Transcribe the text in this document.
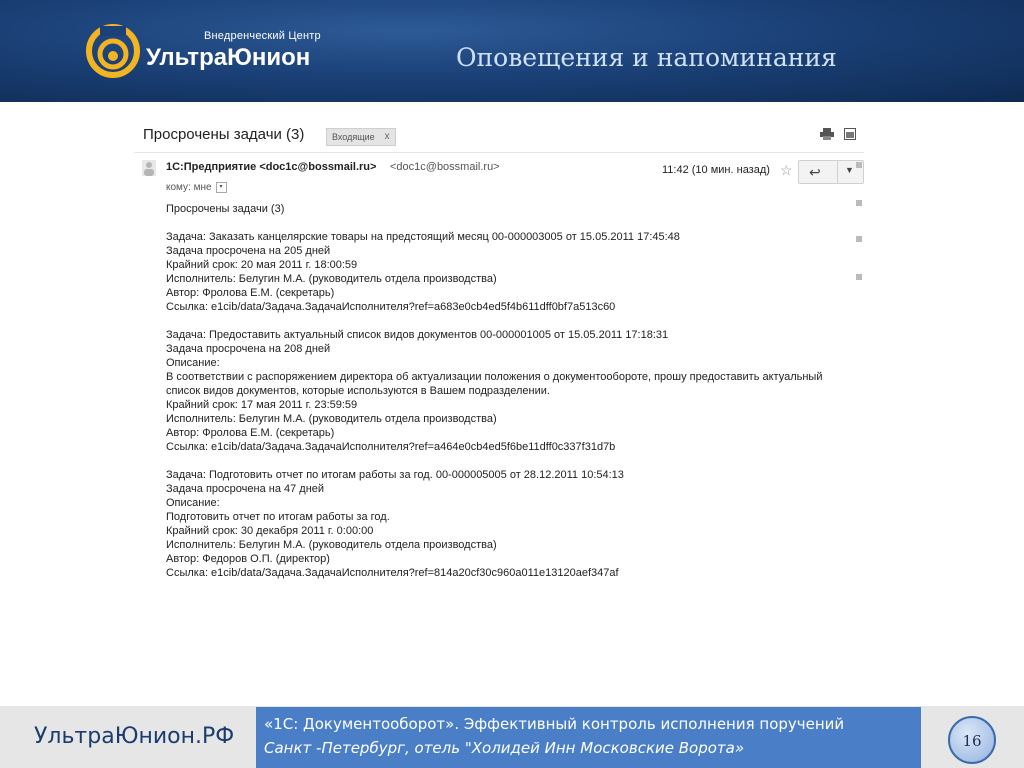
Внедренческий Центр
УльтраЮнион	Оповещения и напоминания
Просрочены задачи (3)	Входящие x
1С:Предприятие <doc1c@bossmail.ru> <doc1c@bossmail.ru>	11:42 (10 мин. назад) ☆ ↩	▼
кому: мне	▾
Просрочены задачи (3)
Задача: Заказать канцелярские товары на предстоящий месяц 00-000003005 от 15.05.2011 17:45:48
Задача просрочена на 205 дней
Крайний срок: 20 мая 2011 г. 18:00:59
Исполнитель: Белугин М.А. (руководитель отдела производства)
Автор: Фролова Е.М. (секретарь)
Ссылка: e1cib/data/Задача.ЗадачаИсполнителя?ref=a683e0cb4ed5f4b611dff0bf7a513c60
Задача: Предоставить актуальный список видов документов 00-000001005 от 15.05.2011 17:18:31
Задача просрочена на 208 дней
Описание:
В соответствии с распоряжением директора об актуализации положения о документообороте, прошу предоставить актуальный
список видов документов, которые используются в Вашем подразделении.
Крайний срок: 17 мая 2011 г. 23:59:59
Исполнитель: Белугин М.А. (руководитель отдела производства)
Автор: Фролова Е.М. (секретарь)
Ссылка: e1cib/data/Задача.ЗадачаИсполнителя?ref=a464e0cb4ed5f6be11dff0c337f31d7b
Задача: Подготовить отчет по итогам работы за год. 00-000005005 от 28.12.2011 10:54:13
Задача просрочена на 47 дней
Описание:
Подготовить отчет по итогам работы за год.
Крайний срок: 30 декабря 2011 г. 0:00:00
Исполнитель: Белугин М.А. (руководитель отдела производства)
Автор: Федоров О.П. (директор)
Ссылка: e1cib/data/Задача.ЗадачаИсполнителя?ref=814a20cf30c960a011e13120aef347af
УльтраЮнион.РФ «1С: Документооборот». Эффективный контроль исполнения поручений
Санкт -Петербург, отель "Холидей Инн Московские Ворота»	16
